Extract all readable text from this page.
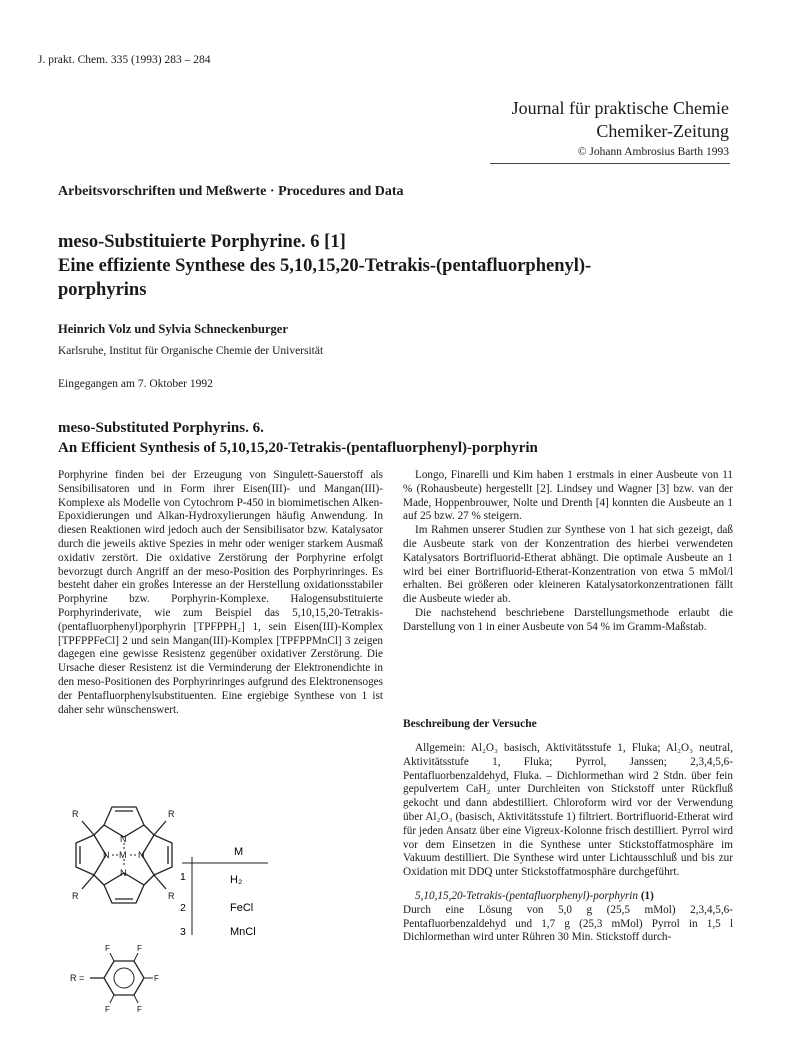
J. prakt. Chem. 335 (1993) 283 – 284
Journal für praktische Chemie
Chemiker-Zeitung
© Johann Ambrosius Barth 1993
Arbeitsvorschriften und Meßwerte · Procedures and Data
meso-Substituierte Porphyrine. 6 [1]
Eine effiziente Synthese des 5,10,15,20-Tetrakis-(pentafluorphenyl)-
porphyrins
Heinrich Volz und Sylvia Schneckenburger
Karlsruhe, Institut für Organische Chemie der Universität
Eingegangen am 7. Oktober 1992
meso-Substituted Porphyrins. 6.
An Efficient Synthesis of 5,10,15,20-Tetrakis-(pentafluorphenyl)-porphyrin

Porphyrine finden bei der Erzeugung von Singulett-Sauerstoff als Sensibilisatoren und in Form ihrer Eisen(III)- und Mangan(III)-Komplexe als Modelle von Cytochrom P-450 in biomimetischen Alken-Epoxidierungen und Alkan-Hydroxylierungen häufig Anwendung. In diesen Reaktionen wird jedoch auch der Sensibilisator bzw. Katalysator durch die jeweils aktive Spezies in mehr oder weniger starkem Ausmaß oxidativ zerstört. Die oxidative Zerstörung der Porphyrine erfolgt bevorzugt durch Angriff an der meso-Position des Porphyrinringes. Es besteht daher ein großes Interesse an der Herstellung oxidationsstabiler Porphyrine bzw. Porphyrin-Komplexe. Halogensubstituierte Porphyrinderivate, wie zum Beispiel das 5,10,15,20-Tetrakis-(pentafluorphenyl)porphyrin [TPFPPH₂] 1, sein Eisen(III)-Komplex [TPFPPFeCl] 2 und sein Mangan(III)-Komplex [TPFPPMnCl] 3 zeigen dagegen eine gewisse Resistenz gegenüber oxidativer Zerstörung. Die Ursache dieser Resistenz ist die Verminderung der Elektronendichte in den meso-Positionen des Porphyrinringes aufgrund des Elektronensoges der Pentafluorphenylsubstituenten. Eine ergiebige Synthese von 1 ist daher sehr wünschenswert.

Longo, Finarelli und Kim haben 1 erstmals in einer Ausbeute von 11 % (Rohausbeute) hergestellt [2]. Lindsey und Wagner [3] bzw. van der Made, Hoppenbrouwer, Nolte und Drenth [4] konnten die Ausbeute an 1 auf 25 bzw. 27 % steigern.

Im Rahmen unserer Studien zur Synthese von 1 hat sich gezeigt, daß die Ausbeute stark von der Konzentration des hierbei verwendeten Katalysators Bortrifluorid-Etherat abhängt. Die optimale Ausbeute an 1 wird bei einer Bortrifluorid-Etherat-Konzentration von etwa 5 mMol/l erhalten. Bei größeren oder kleineren Katalysatorkonzentrationen fällt die Ausbeute wieder ab.

Die nachstehend beschriebene Darstellungsmethode erlaubt die Darstellung von 1 in einer Ausbeute von 54 % im Gramm-Maßstab.

Beschreibung der Versuche

Allgemein: Al₂O₃ basisch, Aktivitätsstufe 1, Fluka; Al₂O₃ neutral, Aktivitätsstufe 1, Fluka; Pyrrol, Janssen; 2,3,4,5,6-Pentafluorbenzaldehyd, Fluka. – Dichlormethan wird 2 Stdn. über fein gepulvertem CaH₂ unter Durchleiten von Stickstoff unter Rückfluß gekocht und dann abdestilliert. Chloroform wird vor der Verwendung über Al₂O₃ (basisch, Aktivitätsstufe 1) filtriert. Bortrifluorid-Etherat wird für jeden Ansatz über eine Vigreux-Kolonne frisch destilliert. Pyrrol wird vor dem Einsetzen in die Synthese unter Stickstoffatmosphäre im Vakuum destilliert. Die Synthese wird unter Lichtausschluß und bis zur Oxidation mit DDQ unter Stickstoffatmosphäre durchgeführt.

5,10,15,20-Tetrakis-(pentafluorphenyl)-porphyrin (1)

Durch eine Lösung von 5,0 g (25,5 mMol) 2,3,4,5,6-Pentafluorbenzaldehyd und 1,7 g (25,3 mMol) Pyrrol in 1,5 l Dichlormethan wird unter Rühren 30 Min. Stickstoff durch-

N
N
N	N
M
R	R
R	R
M
1	H₂
2	FeCl
3	MnCl
R =
F	F
F
F
F
